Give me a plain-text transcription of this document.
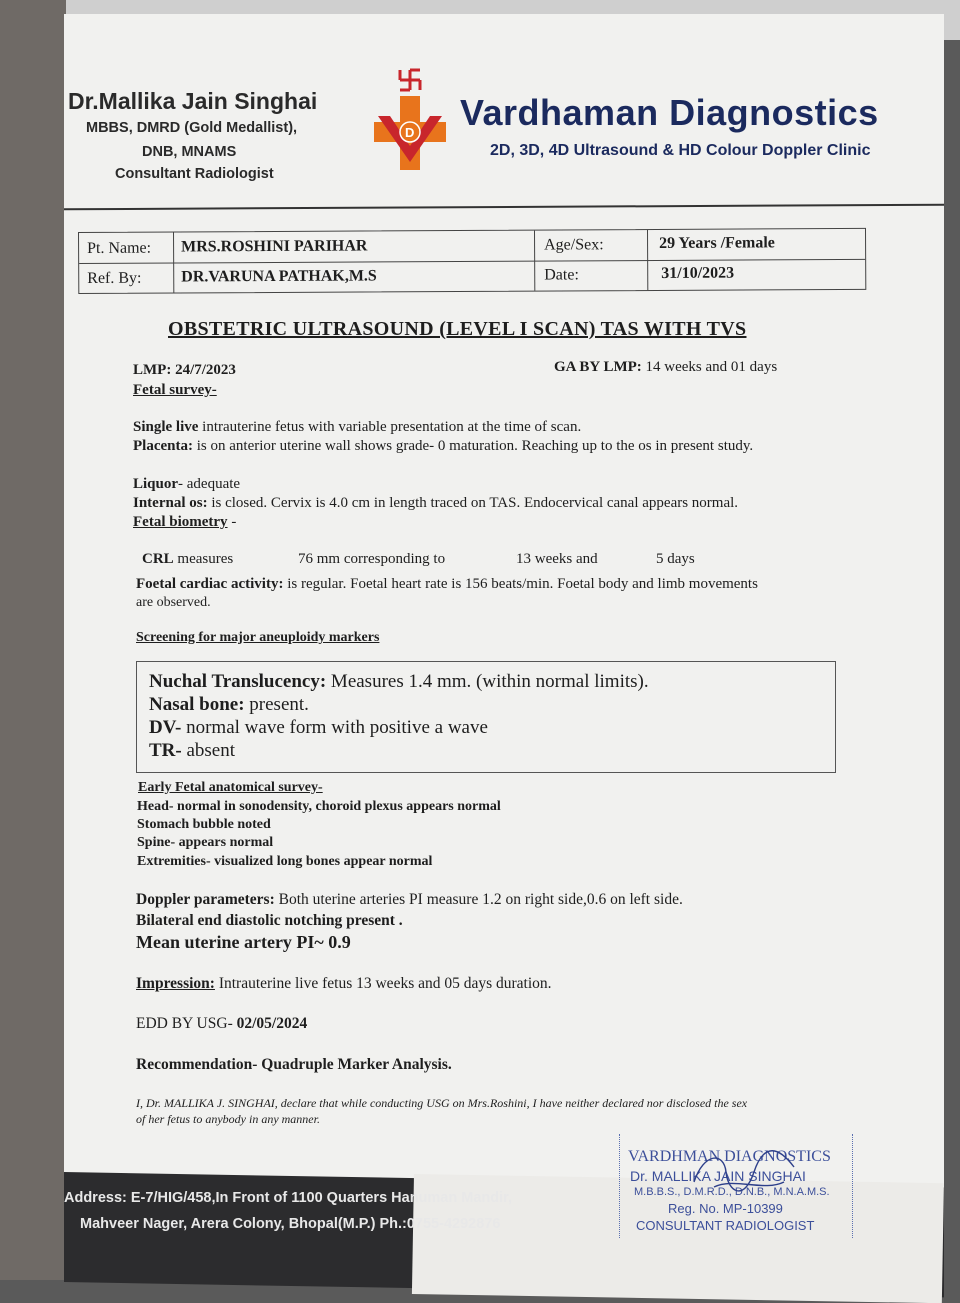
Dr.Mallika Jain Singhai
MBBS, DMRD (Gold Medallist),
DNB, MNAMS
Consultant Radiologist
D Vardhaman Diagnostics
2D, 3D, 4D Ultrasound & HD Colour Doppler Clinic
Pt. Name: MRS.ROSHINI PARIHAR	Age/Sex:	29 Years /Female
Ref. By: DR.VARUNA PATHAK,M.S	Date:	31/10/2023
OBSTETRIC ULTRASOUND (LEVEL I SCAN) TAS WITH TVS
LMP: 24/7/2023	GA BY LMP: 14 weeks and 01 days
Fetal survey-
Single live intrauterine fetus with variable presentation at the time of scan.
Placenta: is on anterior uterine wall shows grade- 0 maturation. Reaching up to the os in present study.
Liquor- adequate
Internal os: is closed. Cervix is 4.0 cm in length traced on TAS. Endocervical canal appears normal.
Fetal biometry -
CRL measures	76 mm corresponding to	13 weeks and	5 days
Foetal cardiac activity: is regular. Foetal heart rate is 156 beats/min. Foetal body and limb movements
are observed.
Screening for major aneuploidy markers
Nuchal Translucency: Measures 1.4 mm. (within normal limits).
Nasal bone: present.
DV- normal wave form with positive a wave
TR- absent
Early Fetal anatomical survey-
Head- normal in sonodensity, choroid plexus appears normal
Stomach bubble noted
Spine- appears normal
Extremities- visualized long bones appear normal
Doppler parameters: Both uterine arteries PI measure 1.2 on right side,0.6 on left side.
Bilateral end diastolic notching present .
Mean uterine artery PI~ 0.9
Impression: Intrauterine live fetus 13 weeks and 05 days duration.
EDD BY USG- 02/05/2024
Recommendation- Quadruple Marker Analysis.
I, Dr. MALLIKA J. SINGHAI, declare that while conducting USG on Mrs.Roshini, I have neither declared nor disclosed the sex
of her fetus to anybody in any manner.
Address: E-7/HIG/458,In Front of 1100 Quarters Hanuman Mandir,
Mahveer Nager, Arera Colony, Bhopal(M.P.) Ph.:0755-4292876
VARDHMAN DIAGNOSTICS
Dr. MALLIKA JAIN SINGHAI
M.B.B.S., D.M.R.D., D.N.B., M.N.A.M.S.
Reg. No. MP-10399
CONSULTANT RADIOLOGIST
